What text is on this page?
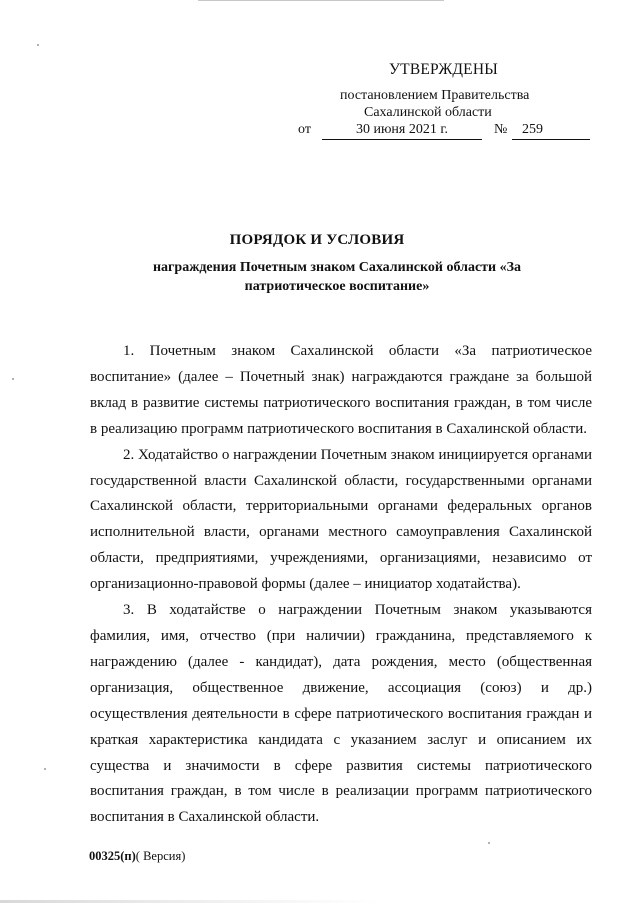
УТВЕРЖДЕНЫ
постановлением Правительства
Сахалинской области
от	30 июня 2021 г.	№	259
ПОРЯДОК И УСЛОВИЯ
награждения Почетным знаком Сахалинской области «За патриотическое воспитание»

1. Почетным знаком Сахалинской области «За патриотическое воспитание» (далее – Почетный знак) награждаются граждане за большой вклад в развитие системы патриотического воспитания граждан, в том числе в реализацию программ патриотического воспитания в Сахалинской области.

2. Ходатайство о награждении Почетным знаком инициируется органами государственной власти Сахалинской области, государственными органами Сахалинской области, территориальными органами федеральных органов исполнительной власти, органами местного самоуправления Сахалинской области, предприятиями, учреждениями, организациями, независимо от организационно-правовой формы (далее – инициатор ходатайства).

3. В ходатайстве о награждении Почетным знаком указываются фамилия, имя, отчество (при наличии) гражданина, представляемого к награждению (далее - кандидат), дата рождения, место (общественная организация, общественное движение, ассоциация (союз) и др.) осуществления деятельности в сфере патриотического воспитания граждан и краткая характеристика кандидата с указанием заслуг и описанием их существа и значимости в сфере развития системы патриотического воспитания граждан, в том числе в реализации программ патриотического воспитания в Сахалинской области.

00325(п)( Версия)
